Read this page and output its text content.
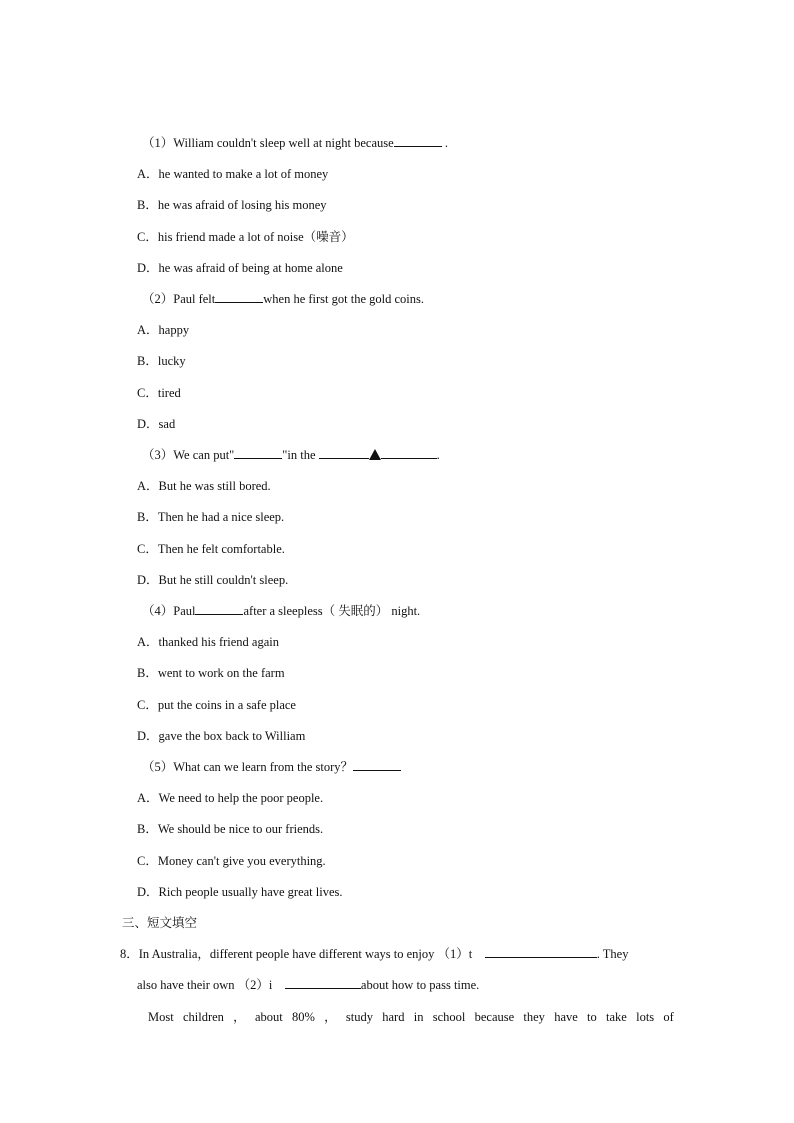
（1）William couldn't sleep well at night because	.
A．he wanted to make a lot of money
B．he was afraid of losing his money
C．his friend made a lot of noise（噪音）
D．he was afraid of being at home alone
（2）Paul felt	when he first got the gold coins.
A．happy
B．lucky
C．tired
D．sad
（3）We can put"	"in the	.
A．But he was still bored.
B．Then he had a nice sleep.
C．Then he felt comfortable.
D．But he still couldn't sleep.
（4）Paul	after a sleepless（ 失眠的） night.
A．thanked his friend again
B．went to work on the farm
C．put the coins in a safe place
D．gave the box back to William
（5）What can we learn from the story？
A．We need to help the poor people.
B．We should be nice to our friends.
C．Money can't give you everything.
D．Rich people usually have great lives.
三、短文填空
8．In Australia，different people have different ways to enjoy （1）t	. They
also have their own （2）i	about how to pass time.
Most children ， about 80% ， study hard in school because they have to take lots of
